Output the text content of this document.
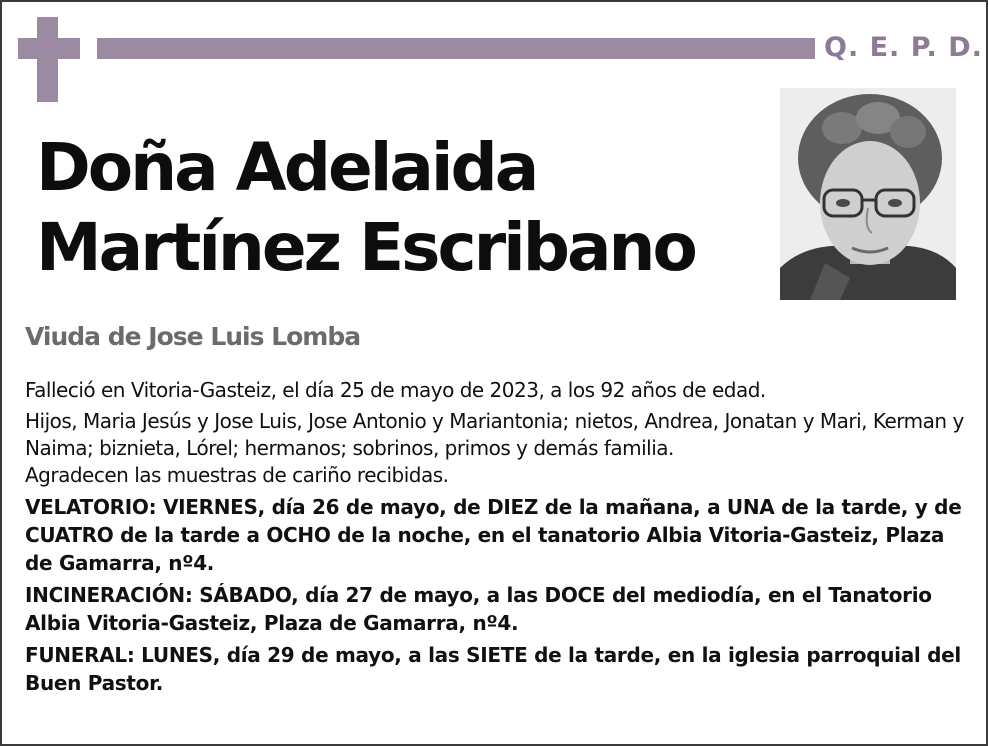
Q. E. P. D.
Doña Adelaida
Martínez Escribano
Viuda de Jose Luis Lomba

Falleció en Vitoria-Gasteiz, el día 25 de mayo de 2023, a los 92 años de edad.

Hijos, Maria Jesús y Jose Luis, Jose Antonio y Mariantonia; nietos, Andrea, Jonatan y Mari, Kerman y Naima; biznieta, Lórel; hermanos; sobrinos, primos y demás familia.

Agradecen las muestras de cariño recibidas.

VELATORIO: VIERNES, día 26 de mayo, de DIEZ de la mañana, a UNA de la tarde, y de CUATRO de la tarde a OCHO de la noche, en el tanatorio Albia Vitoria-Gasteiz, Plaza de Gamarra, nº4.
INCINERACIÓN: SÁBADO, día 27 de mayo, a las DOCE del mediodía, en el Tanatorio Albia Vitoria-Gasteiz, Plaza de Gamarra, nº4.
FUNERAL: LUNES, día 29 de mayo, a las SIETE de la tarde, en la iglesia parroquial del Buen Pastor.
